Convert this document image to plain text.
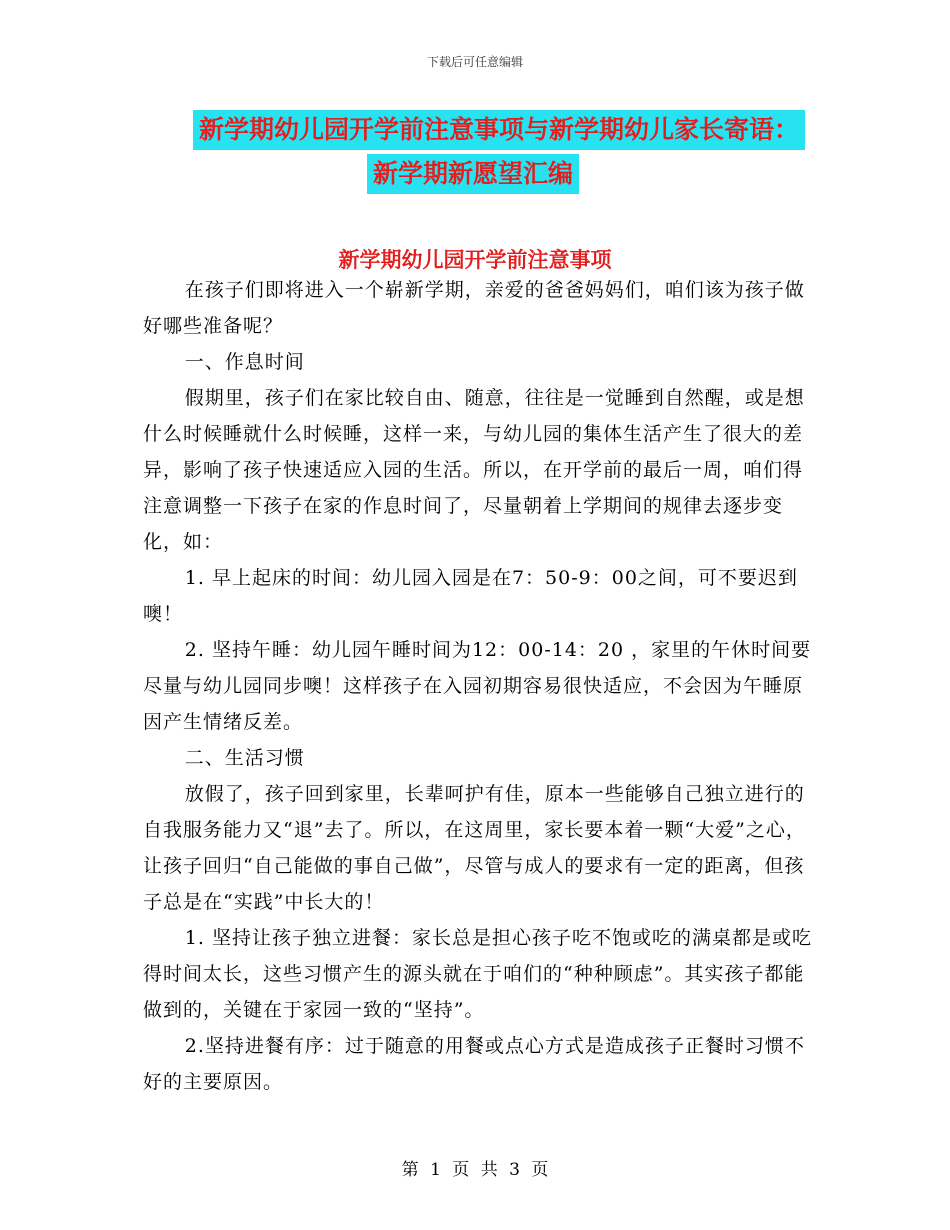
下载后可任意编辑
新学期幼儿园开学前注意事项与新学期幼儿家长寄语：
新学期新愿望汇编
新学期幼儿园开学前注意事项

在孩子们即将进入一个崭新学期，亲爱的爸爸妈妈们，咱们该为孩子做好哪些准备呢？

一、作息时间

假期里，孩子们在家比较自由、随意，往往是一觉睡到自然醒，或是想什么时候睡就什么时候睡，这样一来，与幼儿园的集体生活产生了很大的差异，影响了孩子快速适应入园的生活。所以，在开学前的最后一周，咱们得注意调整一下孩子在家的作息时间了，尽量朝着上学期间的规律去逐步变化，如：

1. 早上起床的时间：幼儿园入园是在7：50-9：00之间，可不要迟到噢！

2. 坚持午睡：幼儿园午睡时间为12：00-14：20 ，家里的午休时间要尽量与幼儿园同步噢！这样孩子在入园初期容易很快适应，不会因为午睡原因产生情绪反差。

二、生活习惯

放假了，孩子回到家里，长辈呵护有佳，原本一些能够自己独立进行的自我服务能力又“退”去了。所以，在这周里，家长要本着一颗“大爱”之心，让孩子回归“自己能做的事自己做”，尽管与成人的要求有一定的距离，但孩子总是在“实践”中长大的！

1. 坚持让孩子独立进餐：家长总是担心孩子吃不饱或吃的满桌都是或吃得时间太长，这些习惯产生的源头就在于咱们的“种种顾虑”。其实孩子都能做到的，关键在于家园一致的“坚持”。

2.坚持进餐有序：过于随意的用餐或点心方式是造成孩子正餐时习惯不好的主要原因。

第 1 页 共 3 页
